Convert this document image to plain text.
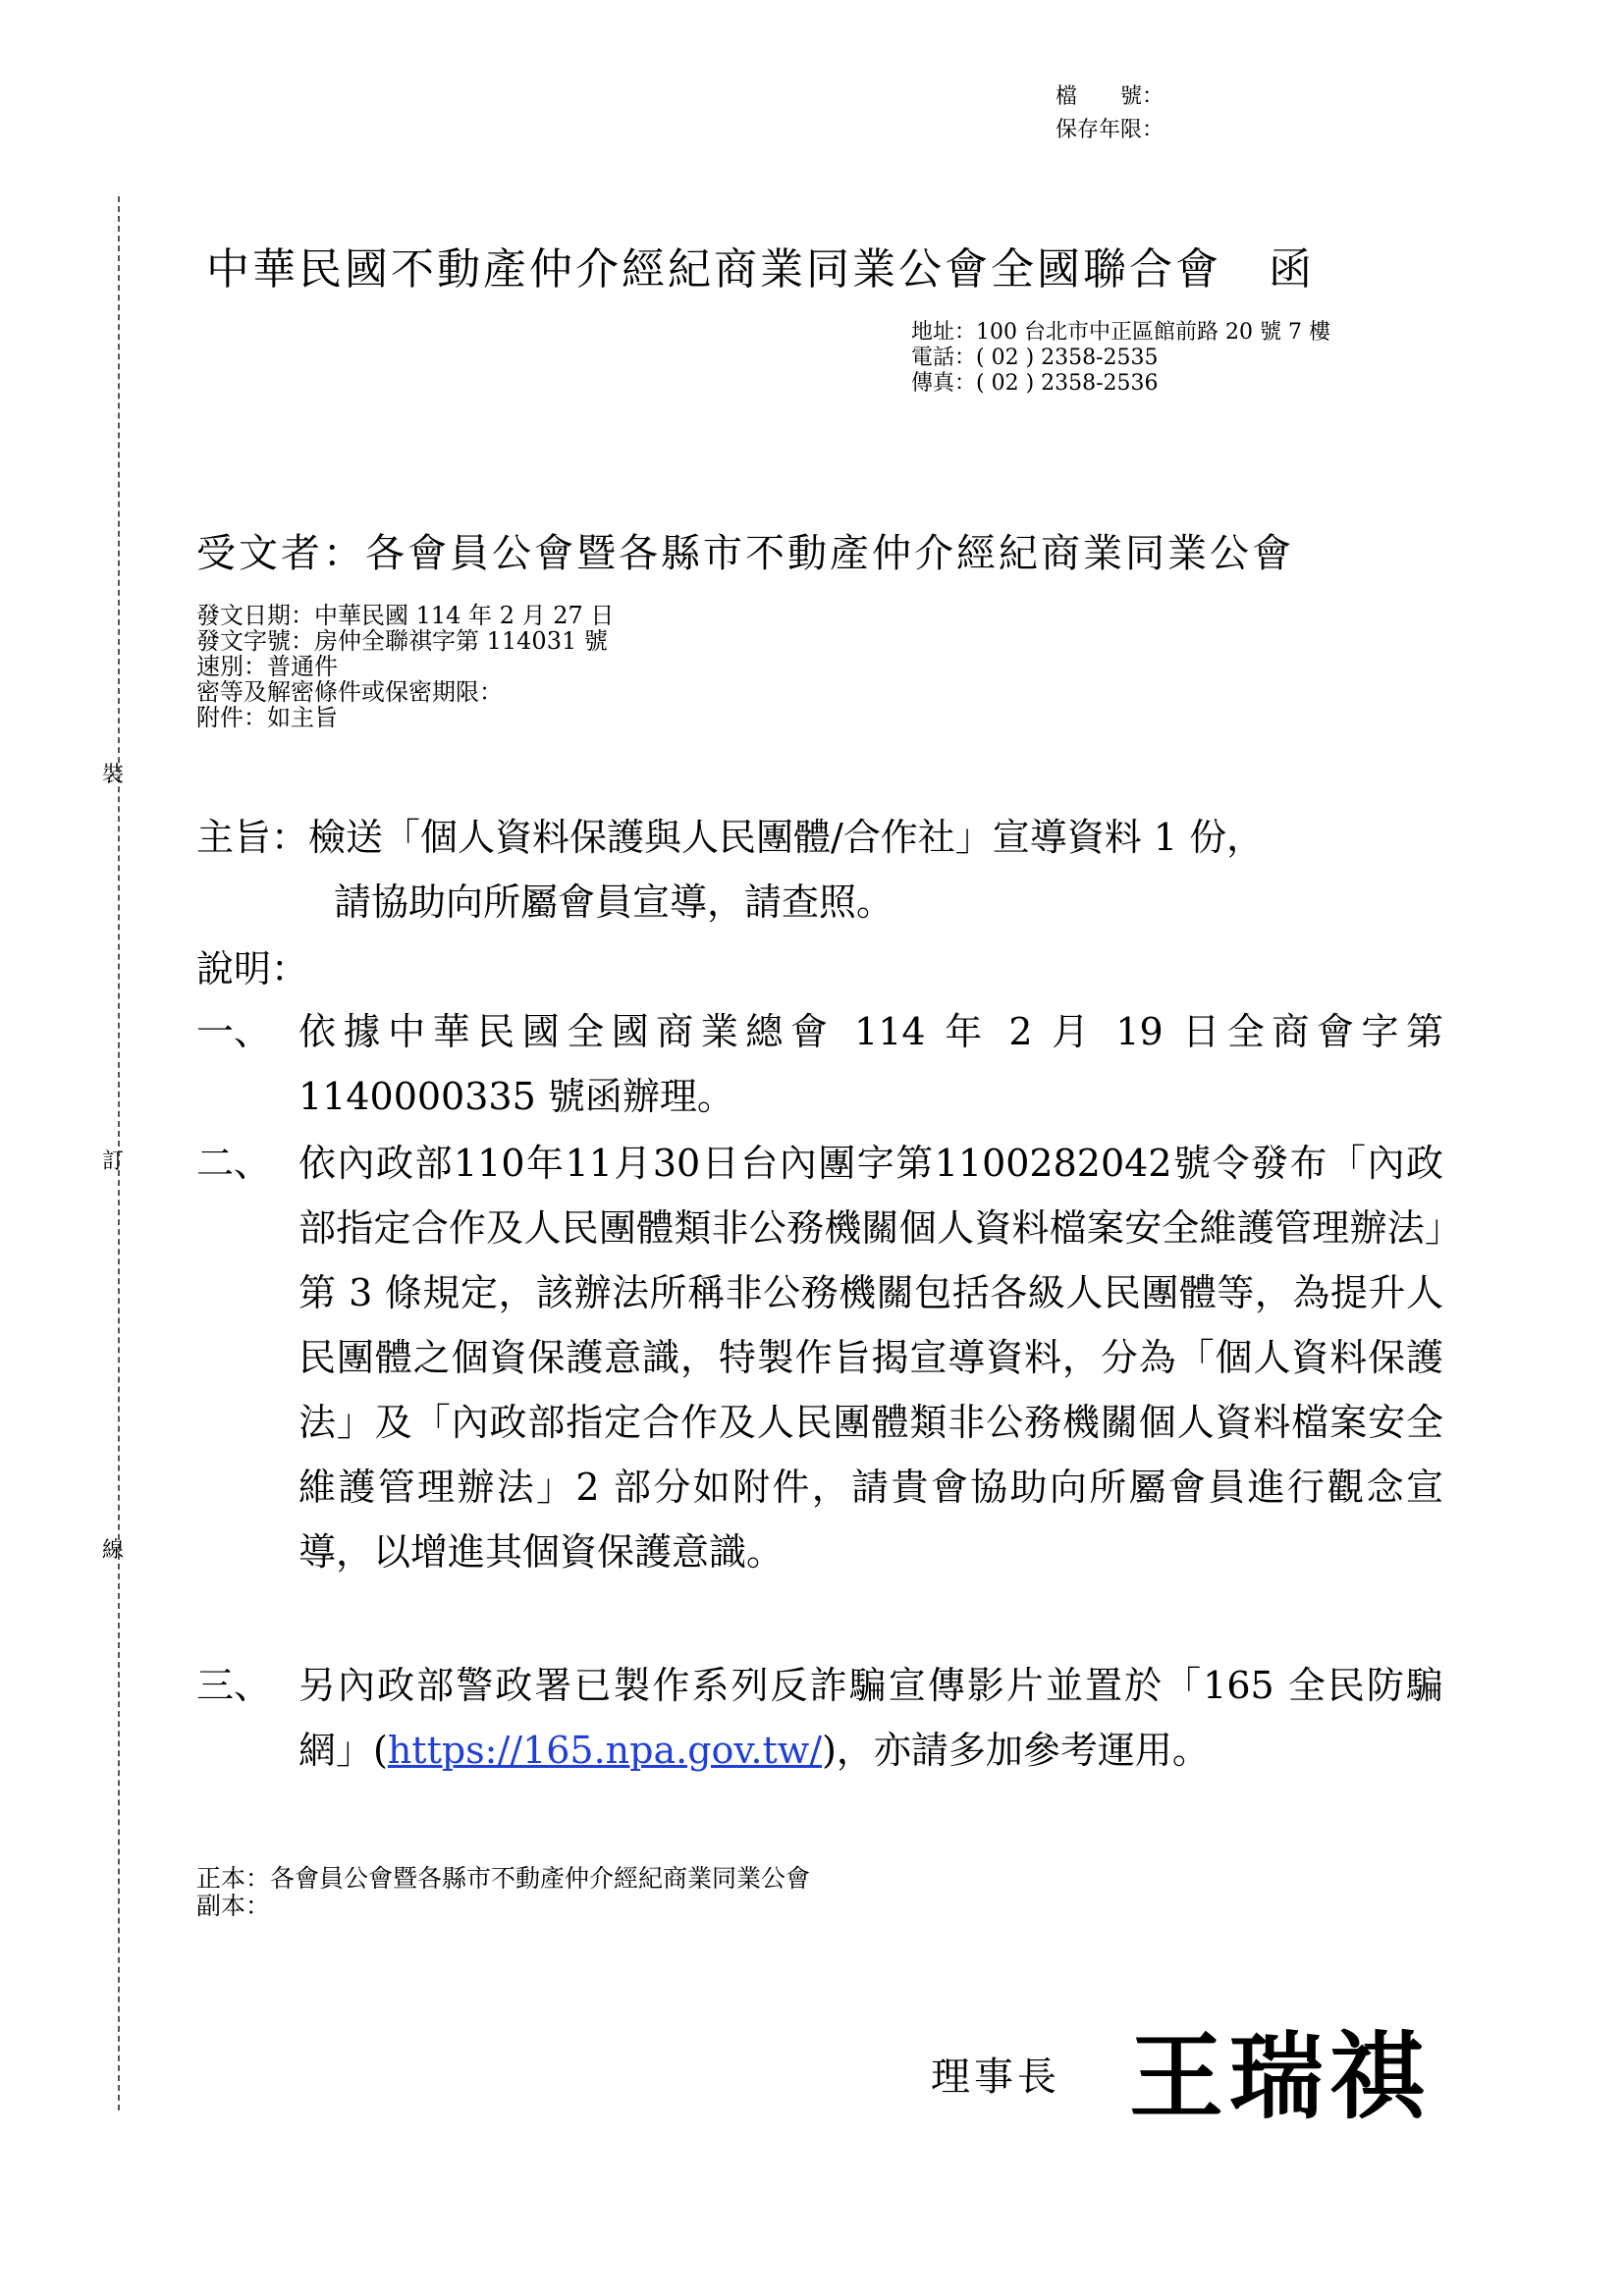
裝
訂
線
檔　　號：
保存年限：
中華民國不動產仲介經紀商業同業公會全國聯合會 函
地址：100 台北市中正區館前路 20 號 7 樓
電話：( 02 ) 2358-2535
傳真：( 02 ) 2358-2536
受文者：各會員公會暨各縣市不動產仲介經紀商業同業公會
發文日期：中華民國 114 年 2 月 27 日
發文字號：房仲全聯祺字第 114031 號
速別：普通件
密等及解密條件或保密期限：
附件：如主旨
主旨：檢送「個人資料保護與人民團體/合作社」宣導資料 1 份，
請協助向所屬會員宣導，請查照。
說明：
一、 依據中華民國全國商業總會 114 年 2 月 19 日全商會字第 1140000335 號函辦理。
二、 依內政部110年11月30日台內團字第1100282042號令發布「內政部指定合作及人民團體類非公務機關個人資料檔案安全維護管理辦法」第 3 條規定，該辦法所稱非公務機關包括各級人民團體等，為提升人民團體之個資保護意識，特製作旨揭宣導資料，分為「個人資料保護法」及「內政部指定合作及人民團體類非公務機關個人資料檔案安全維護管理辦法」2 部分如附件，請貴會協助向所屬會員進行觀念宣導，以增進其個資保護意識。
三、 另內政部警政署已製作系列反詐騙宣傳影片並置於「165 全民防騙網」(https://165.npa.gov.tw/)，亦請多加參考運用。
正本：各會員公會暨各縣市不動產仲介經紀商業同業公會
副本：
理事長 王瑞祺
